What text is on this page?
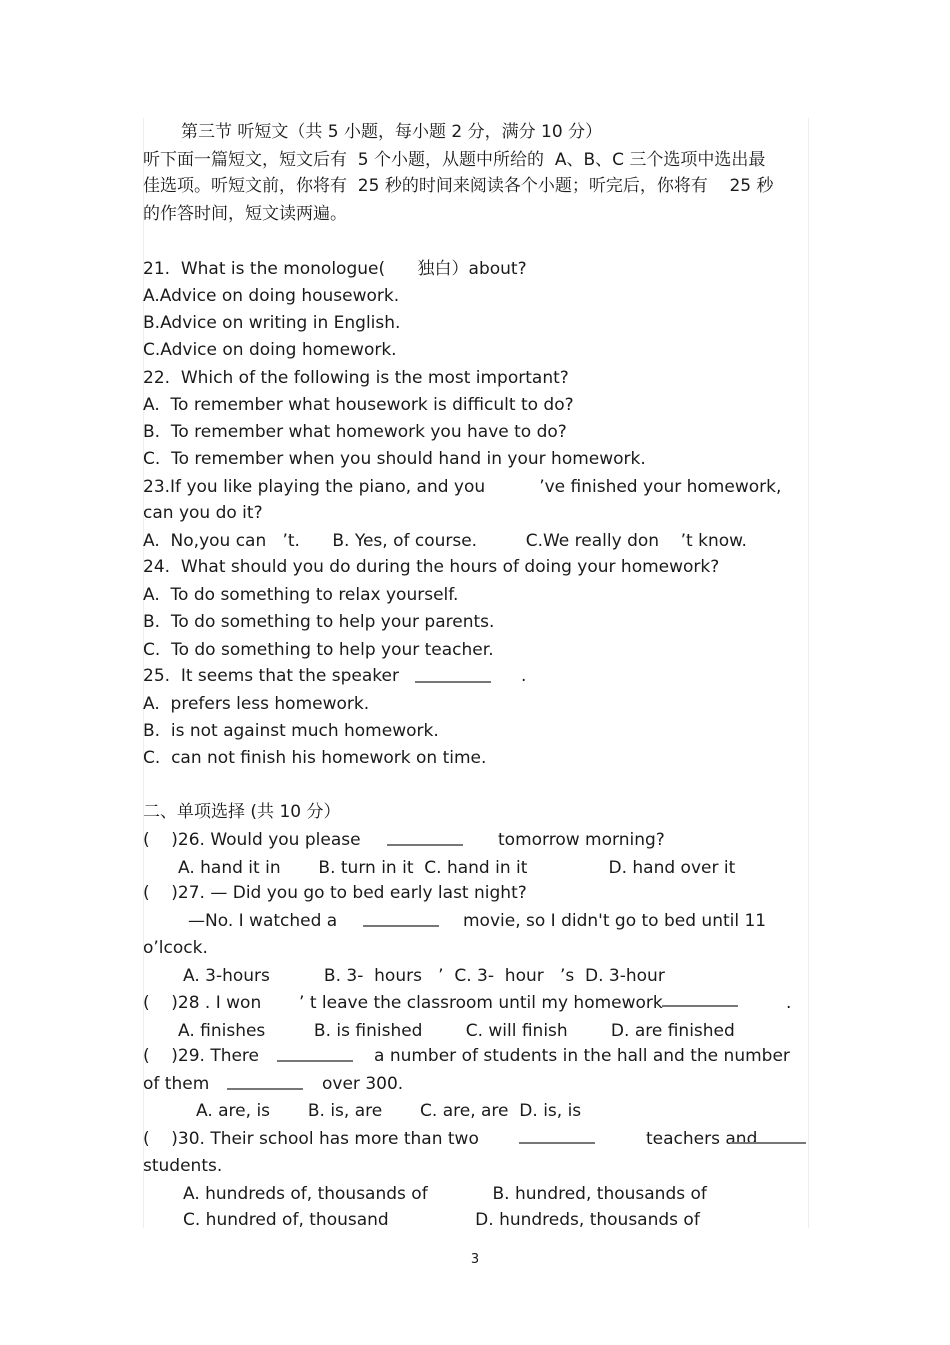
第三节 听短文（共 5 小题，每小题 2 分，满分 10 分）
听下面一篇短文，短文后有  5 个小题，从题中所给的  A、B、C 三个选项中选出最
佳选项。听短文前，你将有  25 秒的时间来阅读各个小题；听完后，你将有    25 秒
的作答时间，短文读两遍。
21.  What is the monologue(      独白）about?
A.Advice on doing housework.
B.Advice on writing in English.
C.Advice on doing homework.
22.  Which of the following is the most important?
A.  To remember what housework is difficult to do?
B.  To remember what homework you have to do?
C.  To remember when you should hand in your homework.
23.If you like playing the piano, and you          ’ve finished your homework,
can you do it?
A.  No,you can   ’t.      B. Yes, of course.         C.We really don    ’t know.
24.  What should you do during the hours of doing your homework?
A.  To do something to relax yourself.
B.  To do something to help your parents.
C.  To do something to help your teacher.
25.  It seems that the speaker	.
A.  prefers less homework.
B.  is not against much homework.
C.  can not finish his homework on time.
二、单项选择 (共 10 分）
(    )26. Would you please	tomorrow morning?
A. hand it in       B. turn in it  C. hand in it               D. hand over it
(    )27. — Did you go to bed early last night?
—No. I watched a	movie, so I didn't go to bed until 11
o’lcock.
A. 3-hours          B. 3-  hours   ’  C. 3-  hour   ’s  D. 3-hour
(    )28 . I won       ’ t leave the classroom until my homework	.
A. finishes         B. is finished        C. will finish        D. are finished
(    )29. There	a number of students in the hall and the number
of them	over 300.
A. are, is       B. is, are       C. are, are  D. is, is
(    )30. Their school has more than two	teachers and
students.
A. hundreds of, thousands of            B. hundred, thousands of
C. hundred of, thousand                D. hundreds, thousands of
3
